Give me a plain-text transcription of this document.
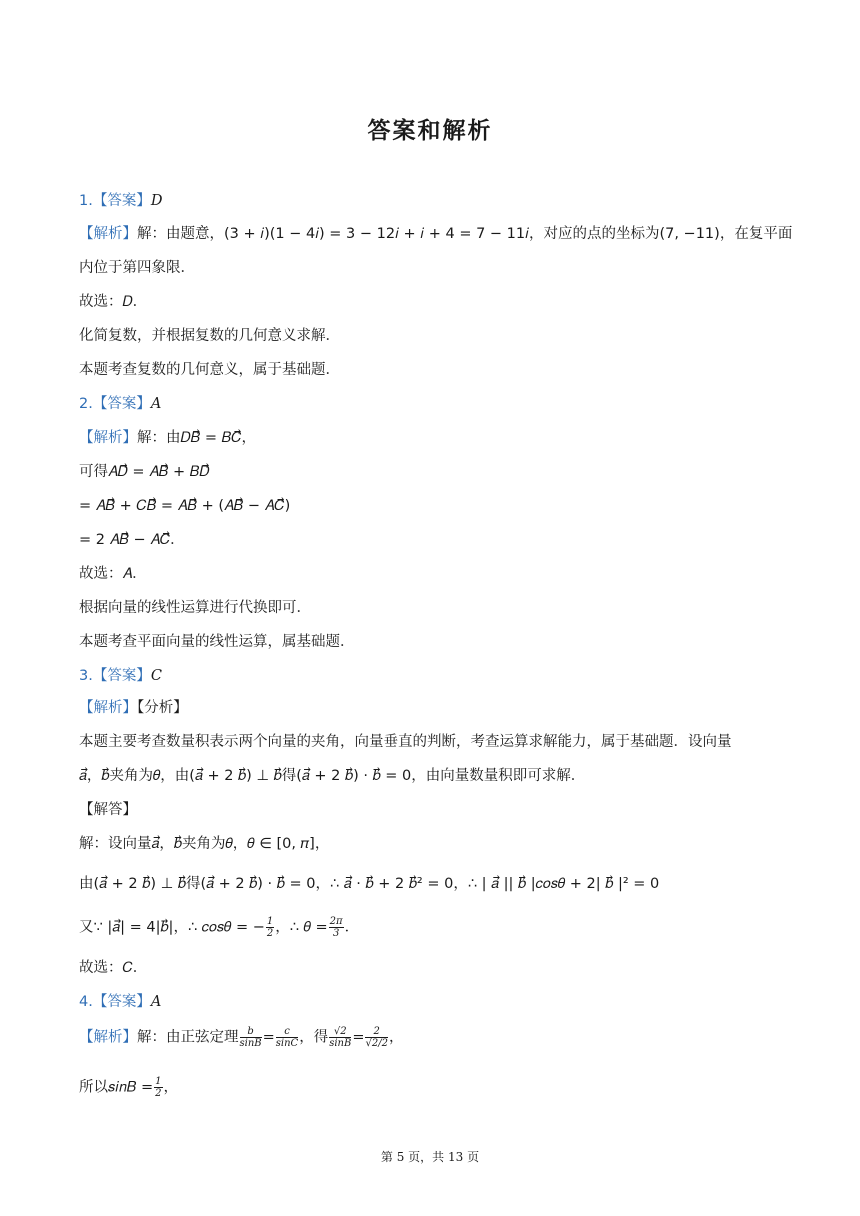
答案和解析
1.【答案】D
【解析】解：由题意，(3 + 𝑖)(1 − 4𝑖) = 3 − 12𝑖 + 𝑖 + 4 = 7 − 11𝑖，对应的点的坐标为(7, −11)，在复平面
内位于第四象限．
故选：𝐷．
化简复数，并根据复数的几何意义求解．
本题考查复数的几何意义，属于基础题．
2.【答案】A
【解析】解：由𝐷𝐵⃗ = 𝐵𝐶⃗，
可得𝐴𝐷⃗ = 𝐴𝐵⃗ + 𝐵𝐷⃗
= 𝐴𝐵⃗ + 𝐶𝐵⃗ = 𝐴𝐵⃗ + (𝐴𝐵⃗ − 𝐴𝐶⃗)
= 2 𝐴𝐵⃗ − 𝐴𝐶⃗．
故选：𝐴．
根据向量的线性运算进行代换即可．
本题考查平面向量的线性运算，属基础题．
3.【答案】C
【解析】【分析】
本题主要考查数量积表示两个向量的夹角，向量垂直的判断，考查运算求解能力，属于基础题．设向量
𝑎⃗，𝑏⃗夹角为𝜃，由(𝑎⃗ + 2 𝑏⃗) ⊥ 𝑏⃗得(𝑎⃗ + 2 𝑏⃗) · 𝑏⃗ = 0，由向量数量积即可求解．
【解答】
解：设向量𝑎⃗，𝑏⃗夹角为𝜃，𝜃 ∈ [0, 𝜋]，
由(𝑎⃗ + 2 𝑏⃗) ⊥ 𝑏⃗得(𝑎⃗ + 2 𝑏⃗) · 𝑏⃗ = 0，∴ 𝑎⃗ · 𝑏⃗ + 2 𝑏⃗² = 0，∴ | 𝑎⃗ || 𝑏⃗ |𝑐𝑜𝑠𝜃 + 2| 𝑏⃗ |² = 0
又∵ |𝑎⃗| = 4|𝑏⃗|，∴ 𝑐𝑜𝑠𝜃 = − $\frac{1}{2}$ ，∴ 𝜃 = $\frac{2\pi}{3}$ ．
故选：𝐶．
4.【答案】A
【解析】解：由正弦定理 $\frac{b}{\sin B} = \frac{c}{\sin C}$ ，得 $\frac{√2}{\sin B} = \frac{2}{√2/2}$ ，
所以𝑠𝑖𝑛𝐵 = $\frac{1}{2}$ ，
第 5 页，共 13 页
